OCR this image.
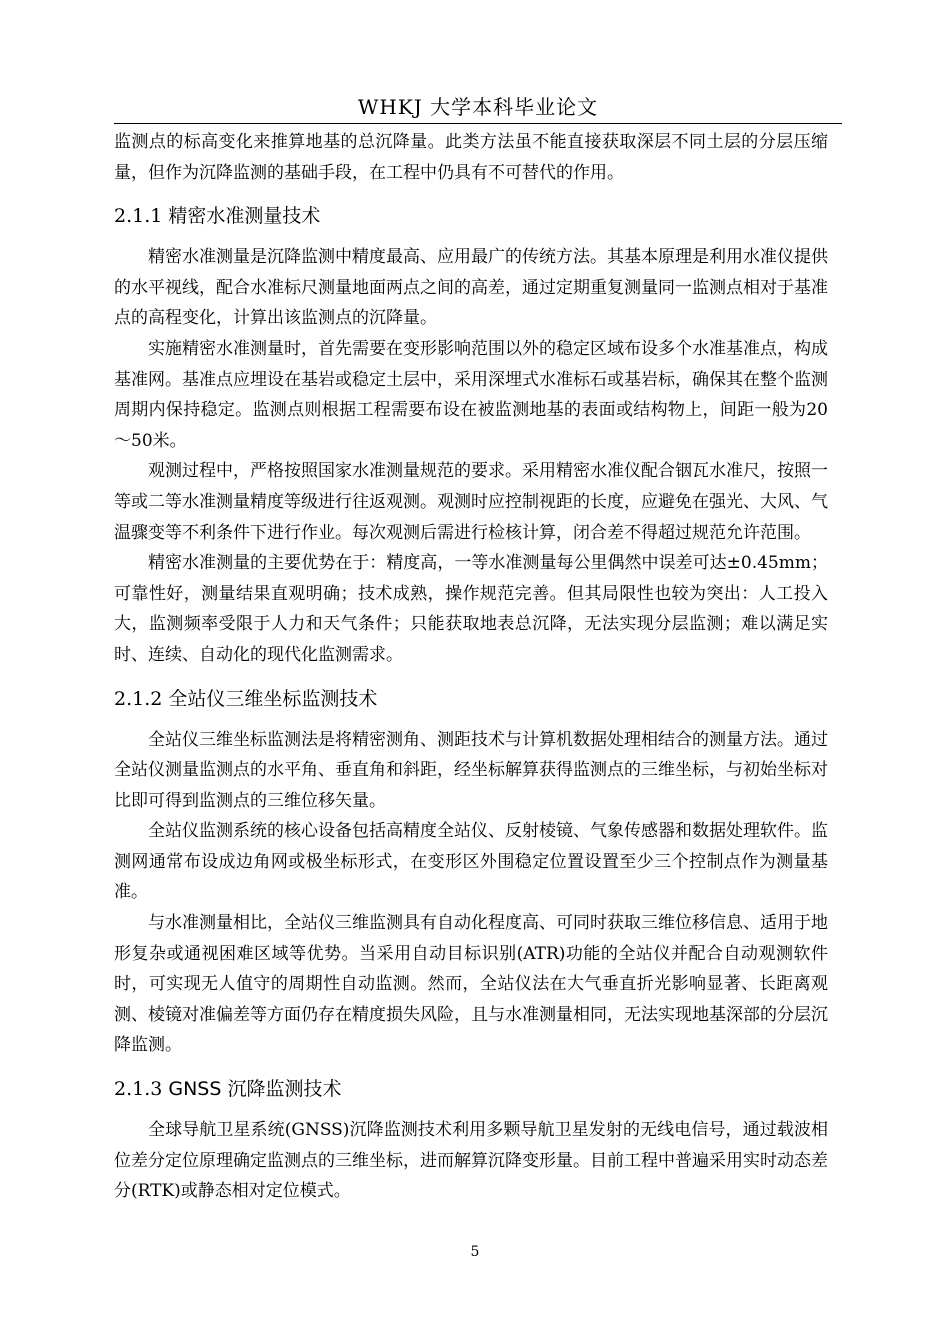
WHKJ 大学本科毕业论文

监测点的标高变化来推算地基的总沉降量。此类方法虽不能直接获取深层不同土层的分层压缩量，但作为沉降监测的基础手段，在工程中仍具有不可替代的作用。

2.1.1 精密水准测量技术

精密水准测量是沉降监测中精度最高、应用最广的传统方法。其基本原理是利用水准仪提供的水平视线，配合水准标尺测量地面两点之间的高差，通过定期重复测量同一监测点相对于基准点的高程变化，计算出该监测点的沉降量。

实施精密水准测量时，首先需要在变形影响范围以外的稳定区域布设多个水准基准点，构成基准网。基准点应埋设在基岩或稳定土层中，采用深埋式水准标石或基岩标，确保其在整个监测周期内保持稳定。监测点则根据工程需要布设在被监测地基的表面或结构物上，间距一般为20～50米。

观测过程中，严格按照国家水准测量规范的要求。采用精密水准仪配合铟瓦水准尺，按照一等或二等水准测量精度等级进行往返观测。观测时应控制视距的长度，应避免在强光、大风、气温骤变等不利条件下进行作业。每次观测后需进行检核计算，闭合差不得超过规范允许范围。

精密水准测量的主要优势在于：精度高，一等水准测量每公里偶然中误差可达±0.45mm；可靠性好，测量结果直观明确；技术成熟，操作规范完善。但其局限性也较为突出：人工投入大，监测频率受限于人力和天气条件；只能获取地表总沉降，无法实现分层监测；难以满足实时、连续、自动化的现代化监测需求。

2.1.2 全站仪三维坐标监测技术

全站仪三维坐标监测法是将精密测角、测距技术与计算机数据处理相结合的测量方法。通过全站仪测量监测点的水平角、垂直角和斜距，经坐标解算获得监测点的三维坐标，与初始坐标对比即可得到监测点的三维位移矢量。

全站仪监测系统的核心设备包括高精度全站仪、反射棱镜、气象传感器和数据处理软件。监测网通常布设成边角网或极坐标形式，在变形区外围稳定位置设置至少三个控制点作为测量基准。

与水准测量相比，全站仪三维监测具有自动化程度高、可同时获取三维位移信息、适用于地形复杂或通视困难区域等优势。当采用自动目标识别(ATR)功能的全站仪并配合自动观测软件时，可实现无人值守的周期性自动监测。然而，全站仪法在大气垂直折光影响显著、长距离观测、棱镜对准偏差等方面仍存在精度损失风险，且与水准测量相同，无法实现地基深部的分层沉降监测。

2.1.3 GNSS 沉降监测技术

全球导航卫星系统(GNSS)沉降监测技术利用多颗导航卫星发射的无线电信号，通过载波相位差分定位原理确定监测点的三维坐标，进而解算沉降变形量。目前工程中普遍采用实时动态差分(RTK)或静态相对定位模式。

5
